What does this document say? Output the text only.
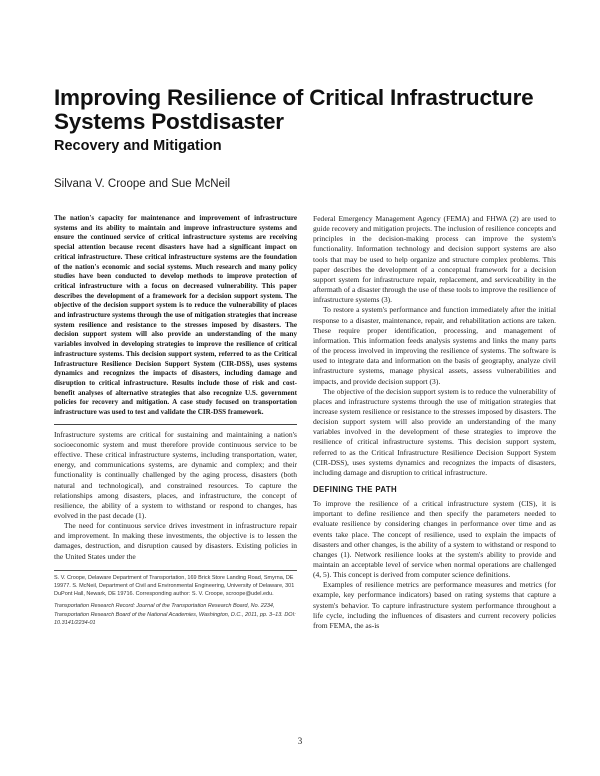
Improving Resilience of Critical Infrastructure Systems Postdisaster
Recovery and Mitigation

Silvana V. Croope and Sue McNeil

The nation's capacity for maintenance and improvement of infrastructure systems and its ability to maintain and improve infrastructure systems and ensure the continued service of critical infrastructure systems are receiving special attention because recent disasters have had a significant impact on critical infrastructure. These critical infrastructure systems are the foundation of the nation's economic and social systems. Much research and many policy studies have been conducted to develop methods to improve protection of critical infrastructure with a focus on decreased vulnerability. This paper describes the development of a framework for a decision support system. The objective of the decision support system is to reduce the vulnerability of places and infrastructure systems through the use of mitigation strategies that increase system resilience and resistance to the stresses imposed by disasters. The decision support system will also provide an understanding of the many variables involved in developing strategies to improve the resilience of critical infrastructure systems. This decision support system, referred to as the Critical Infrastructure Resilience Decision Support System (CIR-DSS), uses systems dynamics and recognizes the impacts of disasters, including damage and disruption to critical infrastructure. Results include those of risk and cost-benefit analyses of alternative strategies that also recognize U.S. government policies for recovery and mitigation. A case study focused on transportation infrastructure was used to test and validate the CIR-DSS framework.

Infrastructure systems are critical for sustaining and maintaining a nation's socioeconomic system and must therefore provide continuous service to be effective. These critical infrastructure systems, including transportation, water, energy, and communications systems, are dynamic and complex; and their functionality is continually challenged by the aging process, disasters (both natural and technological), and constrained resources. To capture the relationships among disasters, places, and infrastructure, the concept of resilience, the ability of a system to withstand or respond to changes, has evolved in the past decade (1).

The need for continuous service drives investment in infrastructure repair and improvement. In making these investments, the objective is to lessen the damages, destruction, and disruption caused by disasters. Existing policies in the United States under the

S. V. Croope, Delaware Department of Transportation, 169 Brick Store Landing Road, Smyrna, DE 19977. S. McNeil, Department of Civil and Environmental Engineering, University of Delaware, 301 DuPont Hall, Newark, DE 19716. Corresponding author: S. V. Croope, scroope@udel.edu.

Transportation Research Record: Journal of the Transportation Research Board, No. 2234, Transportation Research Board of the National Academies, Washington, D.C., 2011, pp. 3–13. DOI: 10.3141/2234-01

Federal Emergency Management Agency (FEMA) and FHWA (2) are used to guide recovery and mitigation projects. The inclusion of resilience concepts and principles in the decision-making process can improve the system's functionality. Information technology and decision support systems are also tools that may be used to help organize and structure complex problems. This paper describes the development of a conceptual framework for a decision support system for infrastructure repair, replacement, and serviceability in the aftermath of a disaster through the use of these tools to improve the resilience of infrastructure systems (3).

To restore a system's performance and function immediately after the initial response to a disaster, maintenance, repair, and rehabilitation actions are taken. These require proper identification, processing, and management of information. This information feeds analysis systems and links the many parts of the process involved in improving the resilience of systems. The software is used to integrate data and information on the basis of geography, analyze civil infrastructure systems, manage physical assets, assess vulnerabilities and impacts, and provide decision support (3).

The objective of the decision support system is to reduce the vulnerability of places and infrastructure systems through the use of mitigation strategies that increase system resilience or resistance to the stresses imposed by disasters. The decision support system will also provide an understanding of the many variables involved in the development of these strategies to improve the resilience of critical infrastructure systems. This decision support system, referred to as the Critical Infrastructure Resilience Decision Support System (CIR-DSS), uses systems dynamics and recognizes the impacts of disasters, including damage and disruption to critical infrastructure.

DEFINING THE PATH

To improve the resilience of a critical infrastructure system (CIS), it is important to define resilience and then specify the parameters needed to evaluate resilience by considering changes in performance over time and as events take place. The concept of resilience, used to explain the impacts of disasters and other changes, is the ability of a system to withstand or respond to changes (1). Network resilience looks at the system's ability to provide and maintain an acceptable level of service when normal operations are challenged (4, 5). This concept is derived from computer science definitions.

Examples of resilience metrics are performance measures and metrics (for example, key performance indicators) based on rating systems that capture a system's behavior. To capture infrastructure system performance throughout a life cycle, including the influences of disasters and current recovery policies from FEMA, the as-is

3
